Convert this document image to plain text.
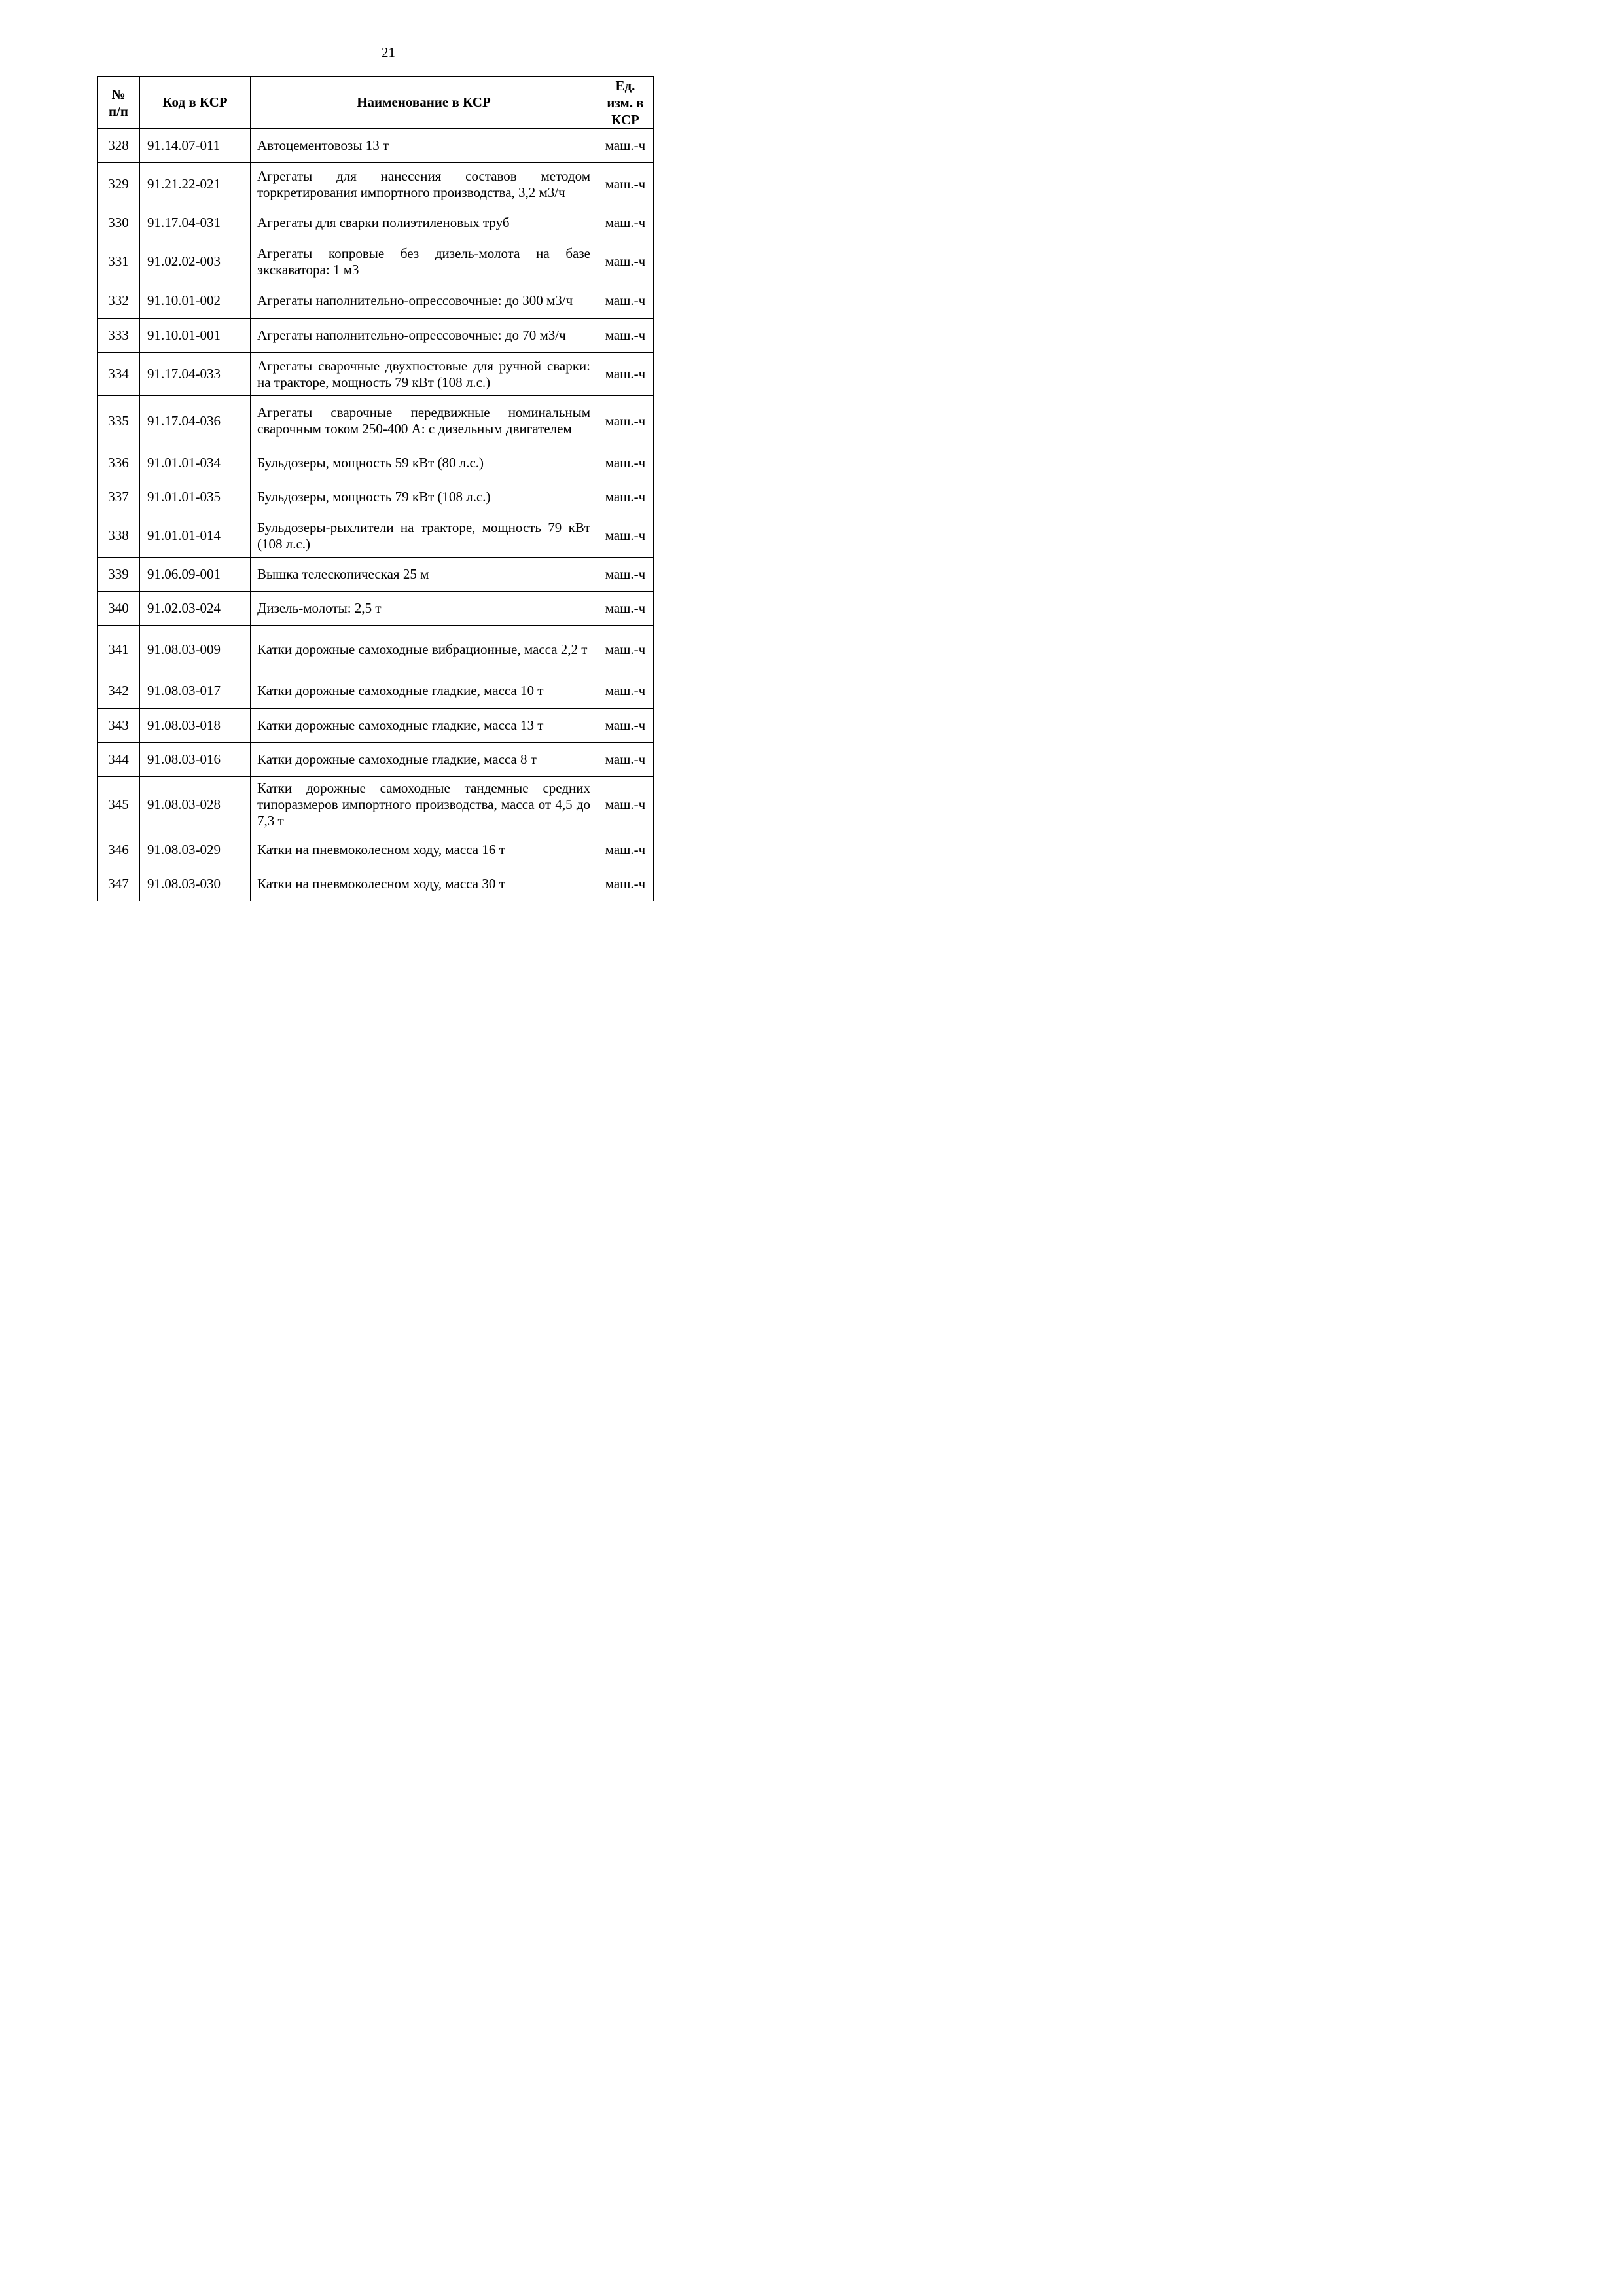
21
№ п/п	Код в КСР	Наименование в КСР	Ед. изм. в КСР
328	91.14.07-011	Автоцементовозы 13 т	маш.-ч
329	91.21.22-021	Агрегаты для нанесения составов методом торкретирования импортного производства, 3,2 м3/ч	маш.-ч
330	91.17.04-031	Агрегаты для сварки полиэтиленовых труб	маш.-ч
331	91.02.02-003	Агрегаты копровые без дизель-молота на базе экскаватора: 1 м3	маш.-ч
332	91.10.01-002	Агрегаты наполнительно-опрессовочные: до 300 м3/ч	маш.-ч
333	91.10.01-001	Агрегаты наполнительно-опрессовочные: до 70 м3/ч	маш.-ч
334	91.17.04-033	Агрегаты сварочные двухпостовые для ручной сварки: на тракторе, мощность 79 кВт (108 л.с.)	маш.-ч
335	91.17.04-036	Агрегаты сварочные передвижные номинальным сварочным током 250-400 А: с дизельным двигателем	маш.-ч
336	91.01.01-034	Бульдозеры, мощность 59 кВт (80 л.с.)	маш.-ч
337	91.01.01-035	Бульдозеры, мощность 79 кВт (108 л.с.)	маш.-ч
338	91.01.01-014	Бульдозеры-рыхлители на тракторе, мощность 79 кВт (108 л.с.)	маш.-ч
339	91.06.09-001	Вышка телескопическая 25 м	маш.-ч
340	91.02.03-024	Дизель-молоты: 2,5 т	маш.-ч
341	91.08.03-009	Катки дорожные самоходные вибрационные, масса 2,2 т	маш.-ч
342	91.08.03-017	Катки дорожные самоходные гладкие, масса 10 т	маш.-ч
343	91.08.03-018	Катки дорожные самоходные гладкие, масса 13 т	маш.-ч
344	91.08.03-016	Катки дорожные самоходные гладкие, масса 8 т	маш.-ч
345	91.08.03-028	Катки дорожные самоходные тандемные средних типоразмеров импортного производства, масса от 4,5 до 7,3 т	маш.-ч
346	91.08.03-029	Катки на пневмоколесном ходу, масса 16 т	маш.-ч
347	91.08.03-030	Катки на пневмоколесном ходу, масса 30 т	маш.-ч
